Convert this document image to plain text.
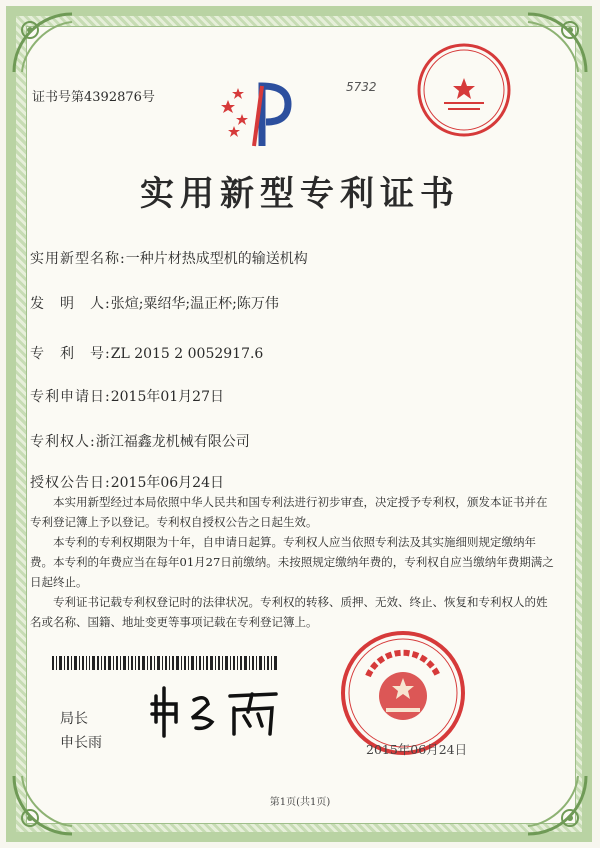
证书号第4392876号
5732
实用新型专利证书
实用新型名称:一种片材热成型机的输送机构
发　明　人:张煊;粟绍华;温正杯;陈万伟
专　利　号:ZL 2015 2 0052917.6
专利申请日:2015年01月27日
专利权人:浙江福鑫龙机械有限公司
授权公告日:2015年06月24日

本实用新型经过本局依照中华人民共和国专利法进行初步审查，决定授予专利权，颁发本证书并在专利登记簿上予以登记。专利权自授权公告之日起生效。

本专利的专利权期限为十年，自申请日起算。专利权人应当依照专利法及其实施细则规定缴纳年费。本专利的年费应当在每年01月27日前缴纳。未按照规定缴纳年费的，专利权自应当缴纳年费期满之日起终止。

专利证书记载专利权登记时的法律状况。专利权的转移、质押、无效、终止、恢复和专利权人的姓名或名称、国籍、地址变更等事项记载在专利登记簿上。

局长
申长雨	2015年06月24日
第1页(共1页)
